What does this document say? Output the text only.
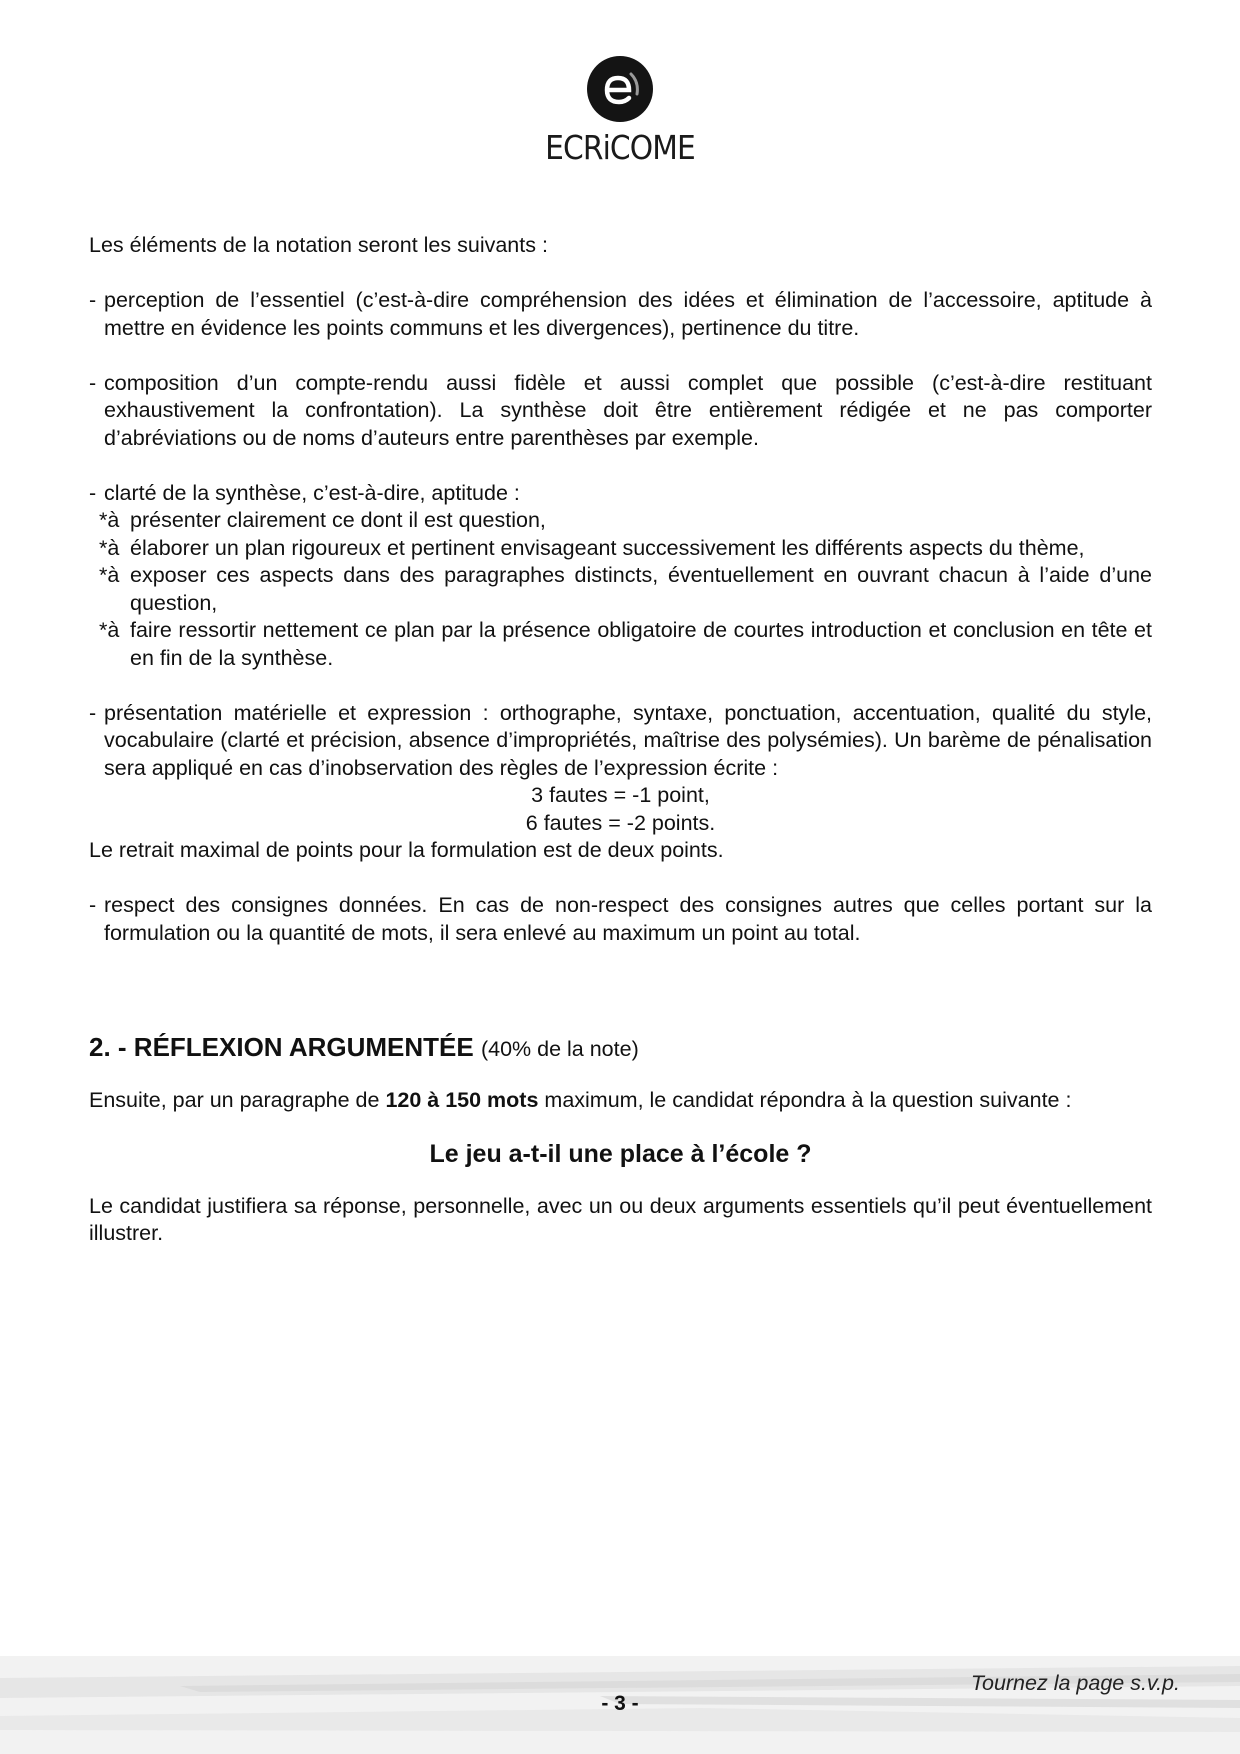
ECRiCOME

Les éléments de la notation seront les suivants :

- perception de l’essentiel (c’est-à-dire compréhension des idées et élimination de l’accessoire, aptitude à mettre en évidence les points communs et les divergences), pertinence du titre.
- composition d’un compte-rendu aussi fidèle et aussi complet que possible (c’est-à-dire restituant exhaustivement la confrontation). La synthèse doit être entièrement rédigée et ne pas comporter d’abréviations ou de noms d’auteurs entre parenthèses par exemple.
- clarté de la synthèse, c’est-à-dire, aptitude :
*à présenter clairement ce dont il est question,
*à élaborer un plan rigoureux et pertinent envisageant successivement les différents aspects du thème,
*à exposer ces aspects dans des paragraphes distincts, éventuellement en ouvrant chacun à l’aide d’une question,
*à faire ressortir nettement ce plan par la présence obligatoire de courtes introduction et conclusion en tête et en fin de la synthèse.
- présentation matérielle et expression : orthographe, syntaxe, ponctuation, accentuation, qualité du style, vocabulaire (clarté et précision, absence d’impropriétés, maîtrise des polysémies). Un barème de pénalisation sera appliqué en cas d’inobservation des règles de l’expression écrite :

3 fautes = -1 point,

6 fautes = -2 points.

Le retrait maximal de points pour la formulation est de deux points.

- respect des consignes données. En cas de non-respect des consignes autres que celles portant sur la formulation ou la quantité de mots, il sera enlevé au maximum un point au total.
2. - RÉFLEXION ARGUMENTÉE (40% de la note)

Ensuite, par un paragraphe de 120 à 150 mots maximum, le candidat répondra à la question suivante :

Le jeu a-t-il une place à l’école ?

Le candidat justifiera sa réponse, personnelle, avec un ou deux arguments essentiels qu’il peut éventuellement illustrer.

Tournez la page s.v.p.
- 3 -
